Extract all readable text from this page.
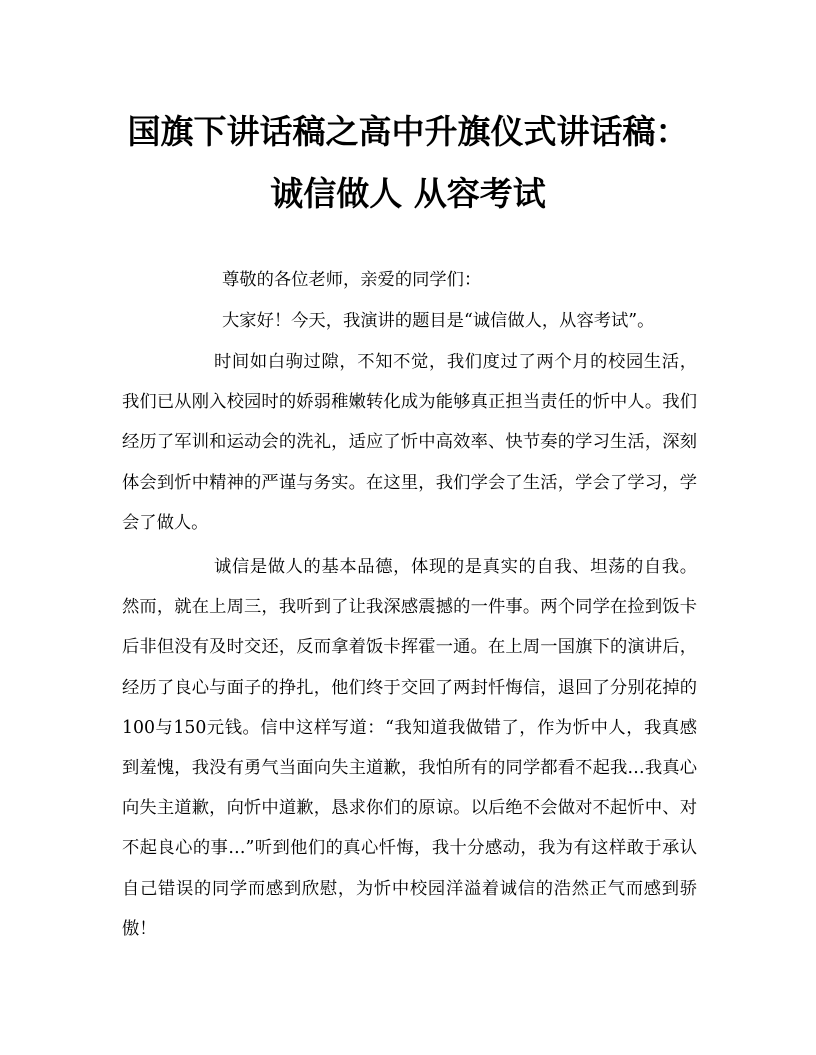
国旗下讲话稿之高中升旗仪式讲话稿：
诚信做人 从容考试

尊敬的各位老师，亲爱的同学们：

大家好！今天，我演讲的题目是“诚信做人，从容考试”。

时间如白驹过隙，不知不觉，我们度过了两个月的校园生活，我们已从刚入校园时的娇弱稚嫩转化成为能够真正担当责任的忻中人。我们经历了军训和运动会的洗礼，适应了忻中高效率、快节奏的学习生活，深刻体会到忻中精神的严谨与务实。在这里，我们学会了生活，学会了学习，学会了做人。

诚信是做人的基本品德，体现的是真实的自我、坦荡的自我。然而，就在上周三，我听到了让我深感震撼的一件事。两个同学在捡到饭卡后非但没有及时交还，反而拿着饭卡挥霍一通。在上周一国旗下的演讲后，经历了良心与面子的挣扎，他们终于交回了两封忏悔信，退回了分别花掉的100与150元钱。信中这样写道：“我知道我做错了，作为忻中人，我真感到羞愧，我没有勇气当面向失主道歉，我怕所有的同学都看不起我…我真心向失主道歉，向忻中道歉，恳求你们的原谅。以后绝不会做对不起忻中、对不起良心的事…”听到他们的真心忏悔，我十分感动，我为有这样敢于承认自己错误的同学而感到欣慰，为忻中校园洋溢着诚信的浩然正气而感到骄傲！
